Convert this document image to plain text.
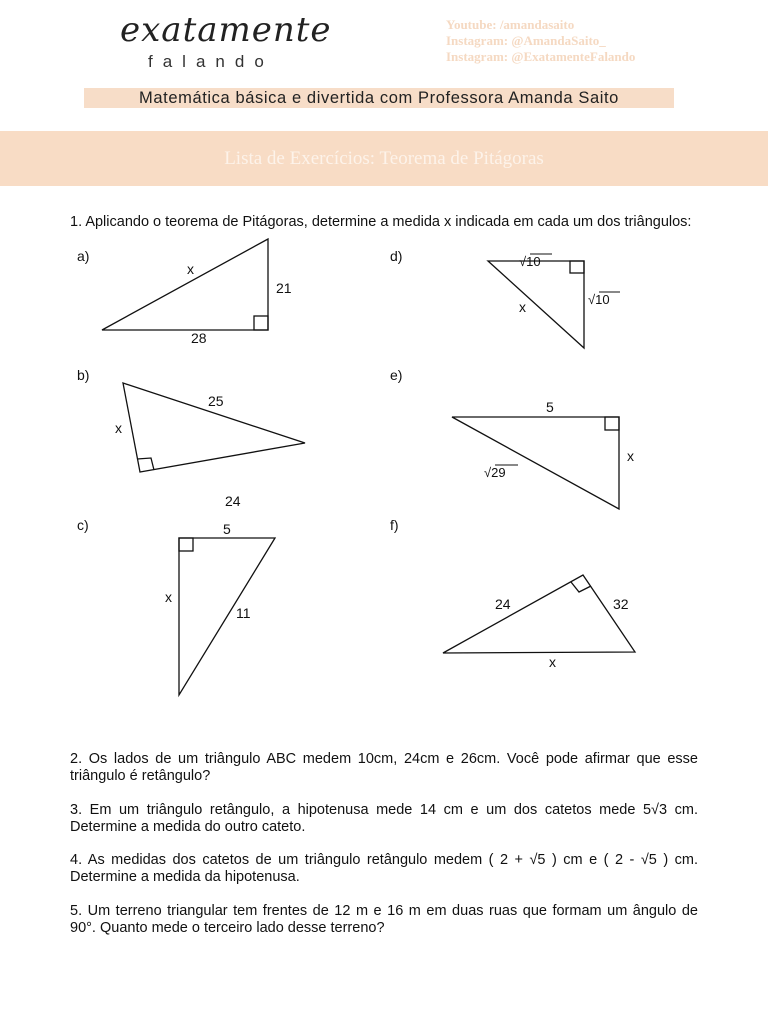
exatamente
falando
Youtube: /amandasaito
Instagram: @AmandaSaito_
Instagram: @ExatamenteFalando
Matemática básica e divertida com Professora Amanda Saito
Lista de Exercícios: Teorema de Pitágoras
1. Aplicando o teorema de Pitágoras, determine a medida x indicada em cada um dos triângulos:
a)
b)
c)
d)
e)
f)
x
21
28
x
25
24
5
x
11
√10
√10
x
5
x
√29
24	32
x
2. Os lados de um triângulo ABC medem 10cm, 24cm e 26cm. Você pode afirmar que esse triângulo é retângulo?
3. Em um triângulo retângulo, a hipotenusa mede 14 cm e um dos catetos mede 5√3 cm. Determine a medida do outro cateto.
4. As medidas dos catetos de um triângulo retângulo medem ( 2 + √5 ) cm e ( 2 - √5 ) cm. Determine a medida da hipotenusa.
5. Um terreno triangular tem frentes de 12 m e 16 m em duas ruas que formam um ângulo de 90°. Quanto mede o terceiro lado desse terreno?
